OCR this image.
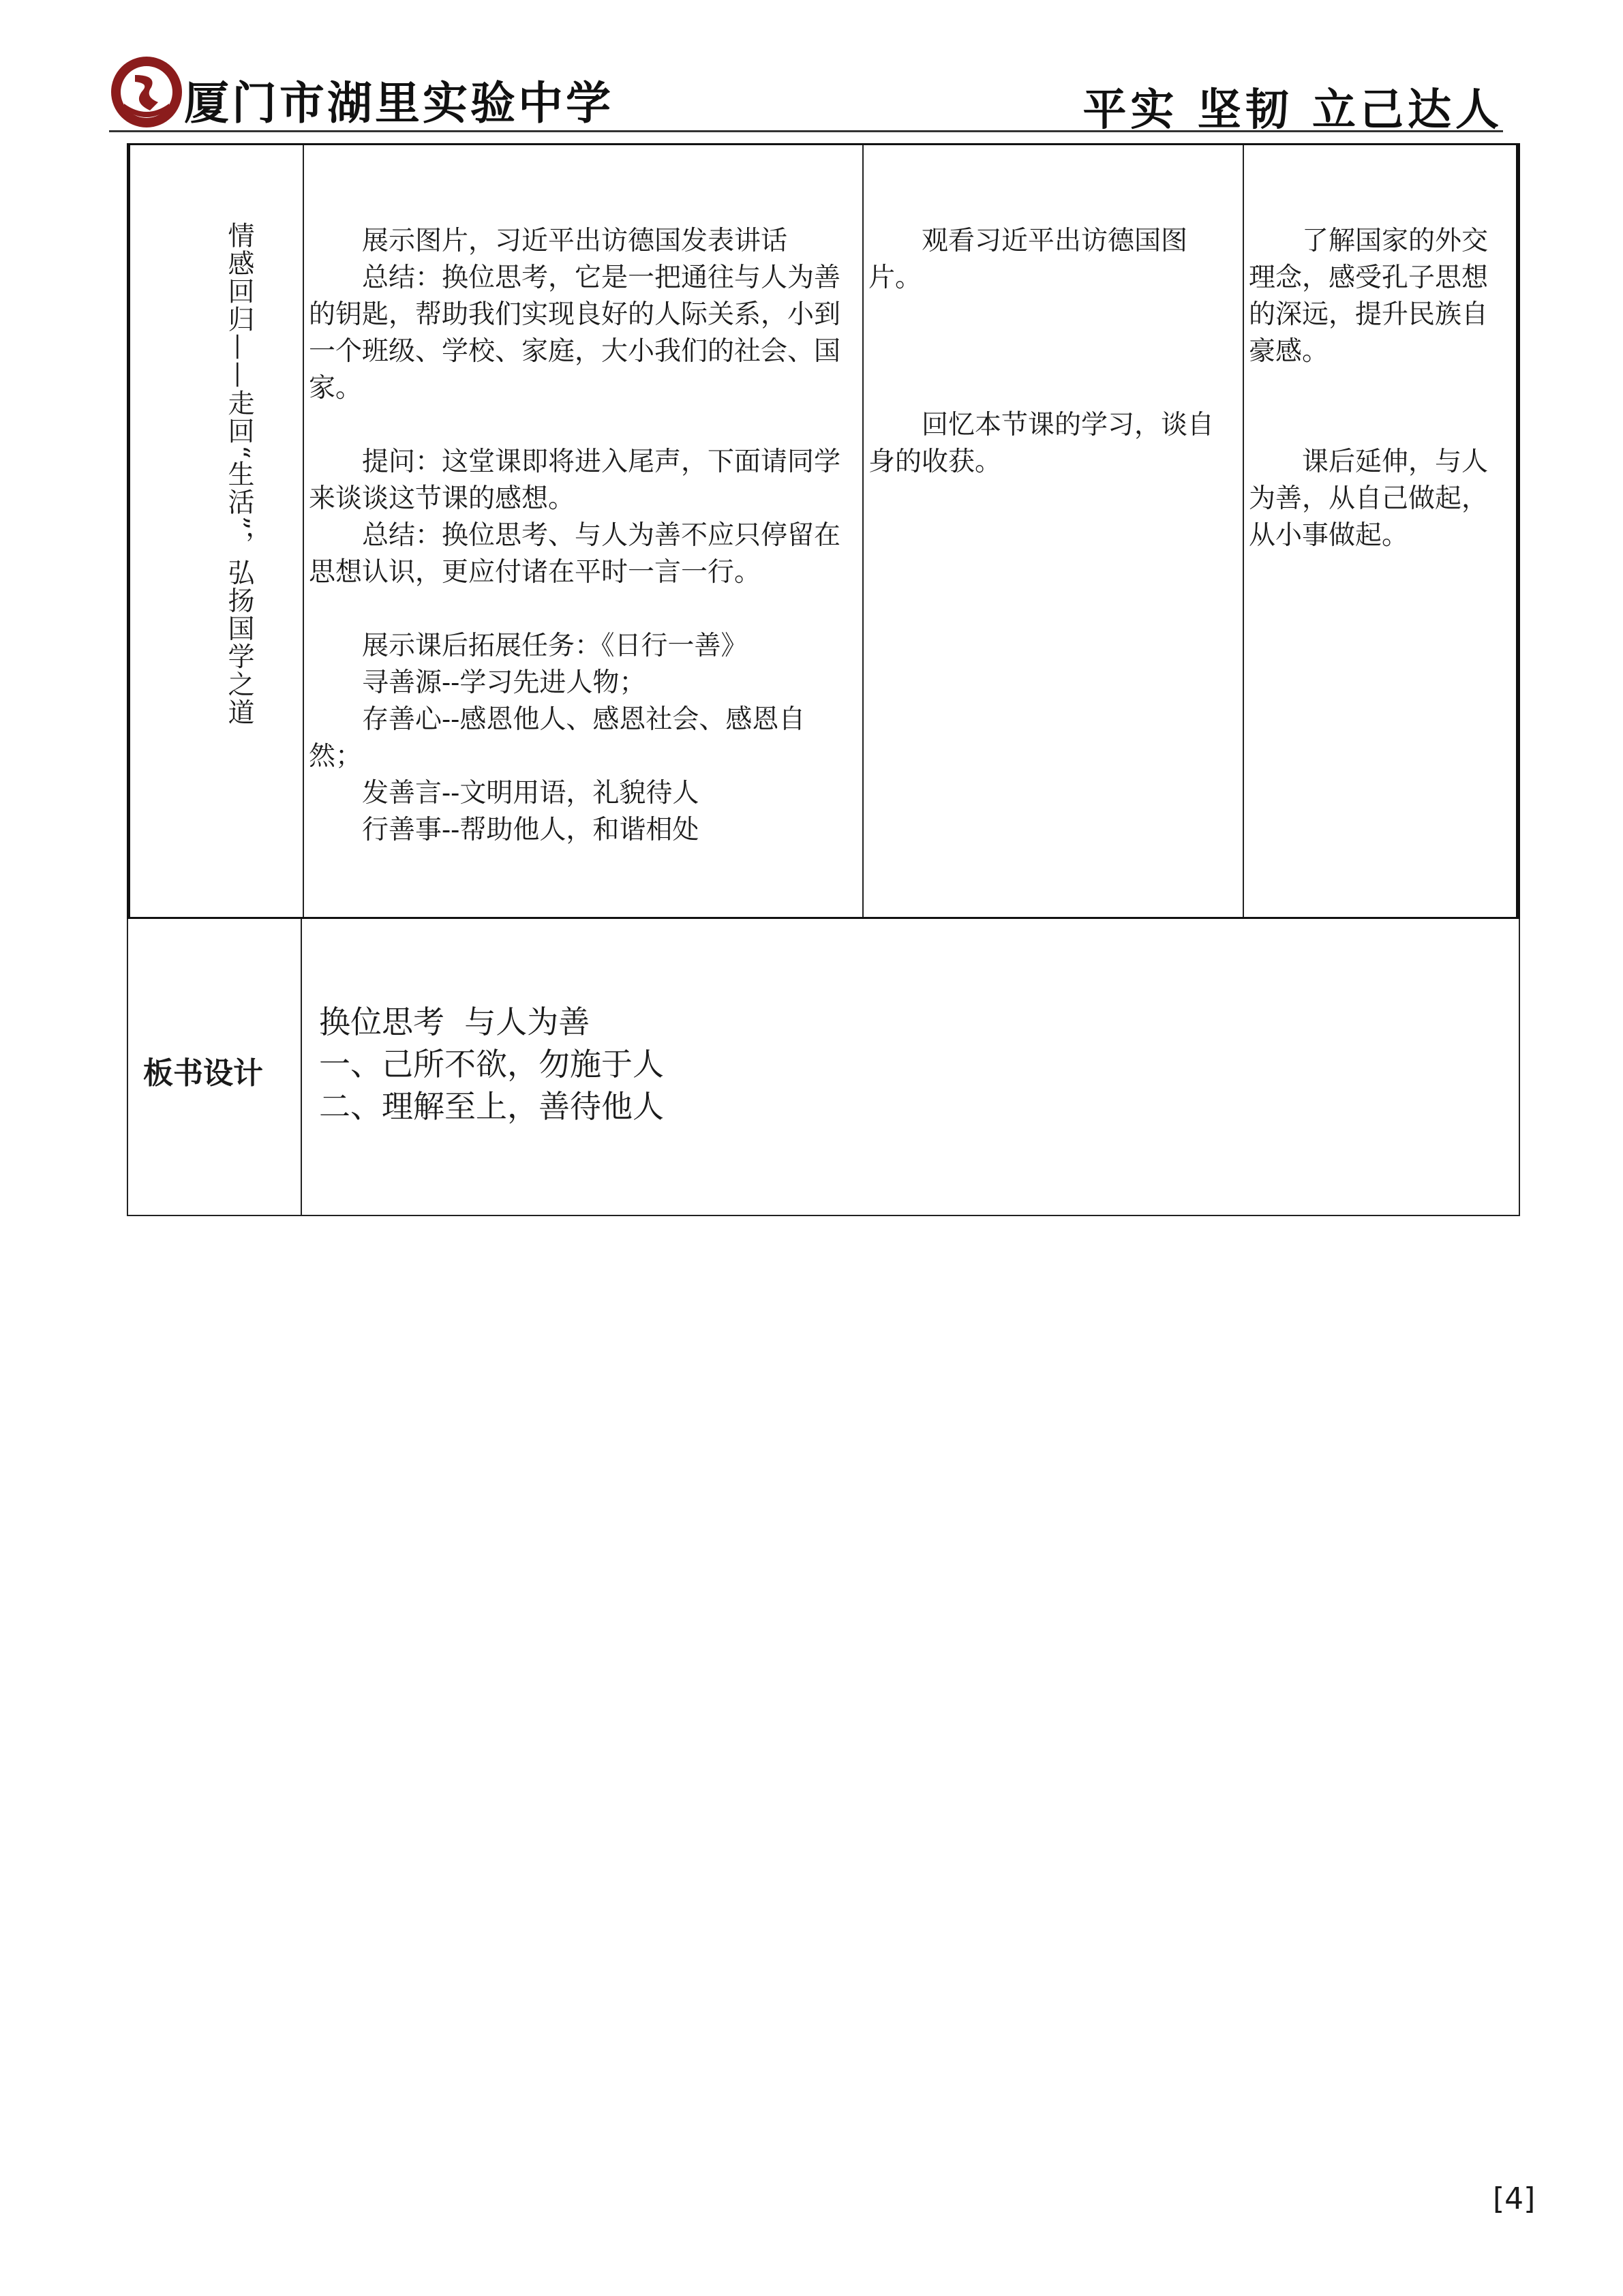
厦门市湖里实验中学	平实 坚韧 立己达人
情感回归——走回“生活”，弘扬国学之道	展示图片，习近平出访德国发表讲话

总结：换位思考，它是一把通往与人为善的钥匙，帮助我们实现良好的人际关系，小到一个班级、学校、家庭，大小我们的社会、国家。

提问：这堂课即将进入尾声，下面请同学来谈谈这节课的感想。

总结：换位思考、与人为善不应只停留在思想认识，更应付诸在平时一言一行。

展示课后拓展任务：《日行一善》

寻善源--学习先进人物；

存善心--感恩他人、感恩社会、感恩自然；

发善言--文明用语，礼貌待人

行善事--帮助他人，和谐相处

观看习近平出访德国图片。

回忆本节课的学习，谈自身的收获。

了解国家的外交理念，感受孔子思想的深远，提升民族自豪感。

课后延伸，与人为善，从自己做起，从小事做起。

板书设计
换位思考  与人为善
一、己所不欲，勿施于人
二、理解至上，善待他人
[4]
